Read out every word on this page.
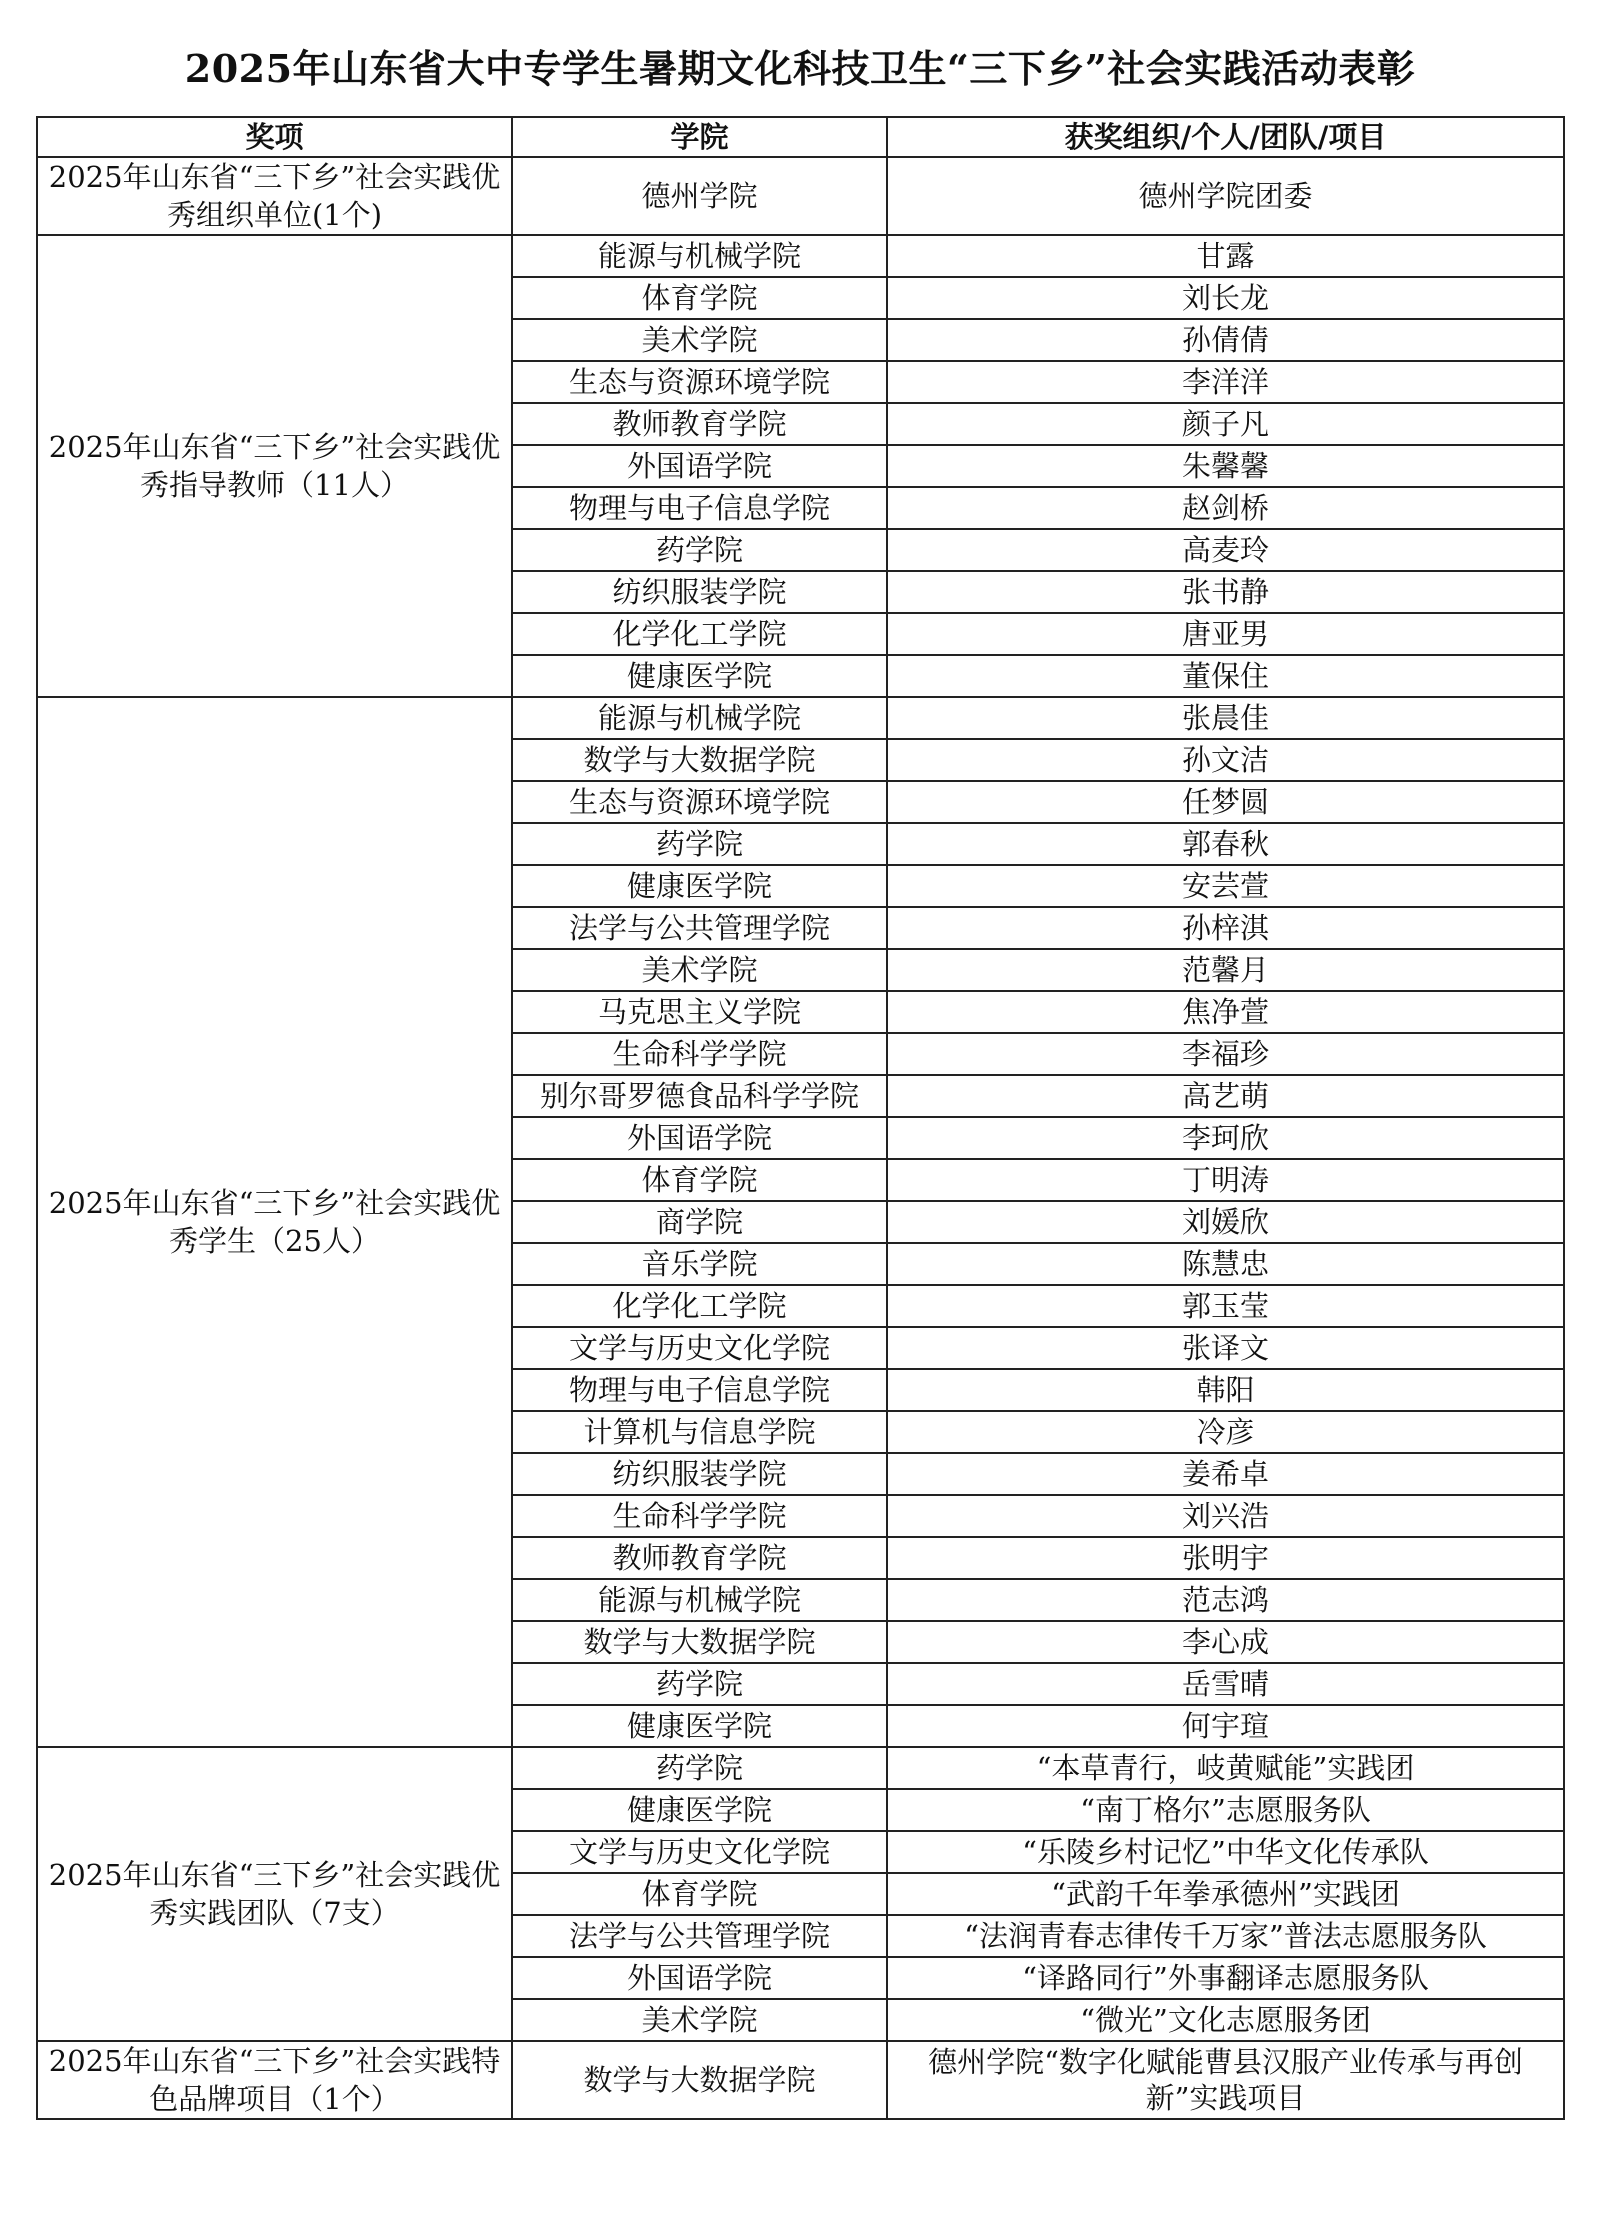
2025年山东省大中专学生暑期文化科技卫生“三下乡”社会实践活动表彰
奖项	学院	获奖组织/个人/团队/项目
2025年山东省“三下乡”社会实践优秀组织单位(1个)	德州学院	德州学院团委
2025年山东省“三下乡”社会实践优秀指导教师（11人）	能源与机械学院	甘露
	体育学院	刘长龙
	美术学院	孙倩倩
	生态与资源环境学院	李洋洋
	教师教育学院	颜子凡
	外国语学院	朱馨馨
	物理与电子信息学院	赵剑桥
	药学院	高麦玲
	纺织服装学院	张书静
	化学化工学院	唐亚男
	健康医学院	董保住
2025年山东省“三下乡”社会实践优秀学生（25人）	能源与机械学院	张晨佳
	数学与大数据学院	孙文洁
	生态与资源环境学院	任梦圆
	药学院	郭春秋
	健康医学院	安芸萱
	法学与公共管理学院	孙梓淇
	美术学院	范馨月
	马克思主义学院	焦净萱
	生命科学学院	李福珍
	别尔哥罗德食品科学学院	高艺萌
	外国语学院	李珂欣
	体育学院	丁明涛
	商学院	刘媛欣
	音乐学院	陈慧忠
	化学化工学院	郭玉莹
	文学与历史文化学院	张译文
	物理与电子信息学院	韩阳
	计算机与信息学院	冷彦
	纺织服装学院	姜希卓
	生命科学学院	刘兴浩
	教师教育学院	张明宇
	能源与机械学院	范志鸿
	数学与大数据学院	李心成
	药学院	岳雪晴
	健康医学院	何宇瑄
2025年山东省“三下乡”社会实践优秀实践团队（7支）	药学院	“本草青行，岐黄赋能”实践团
	健康医学院	“南丁格尔”志愿服务队
	文学与历史文化学院	“乐陵乡村记忆”中华文化传承队
	体育学院	“武韵千年拳承德州”实践团
	法学与公共管理学院	“法润青春志律传千万家”普法志愿服务队
	外国语学院	“译路同行”外事翻译志愿服务队
	美术学院	“微光”文化志愿服务团
2025年山东省“三下乡”社会实践特色品牌项目（1个）	数学与大数据学院	德州学院“数字化赋能曹县汉服产业传承与再创新”实践项目
